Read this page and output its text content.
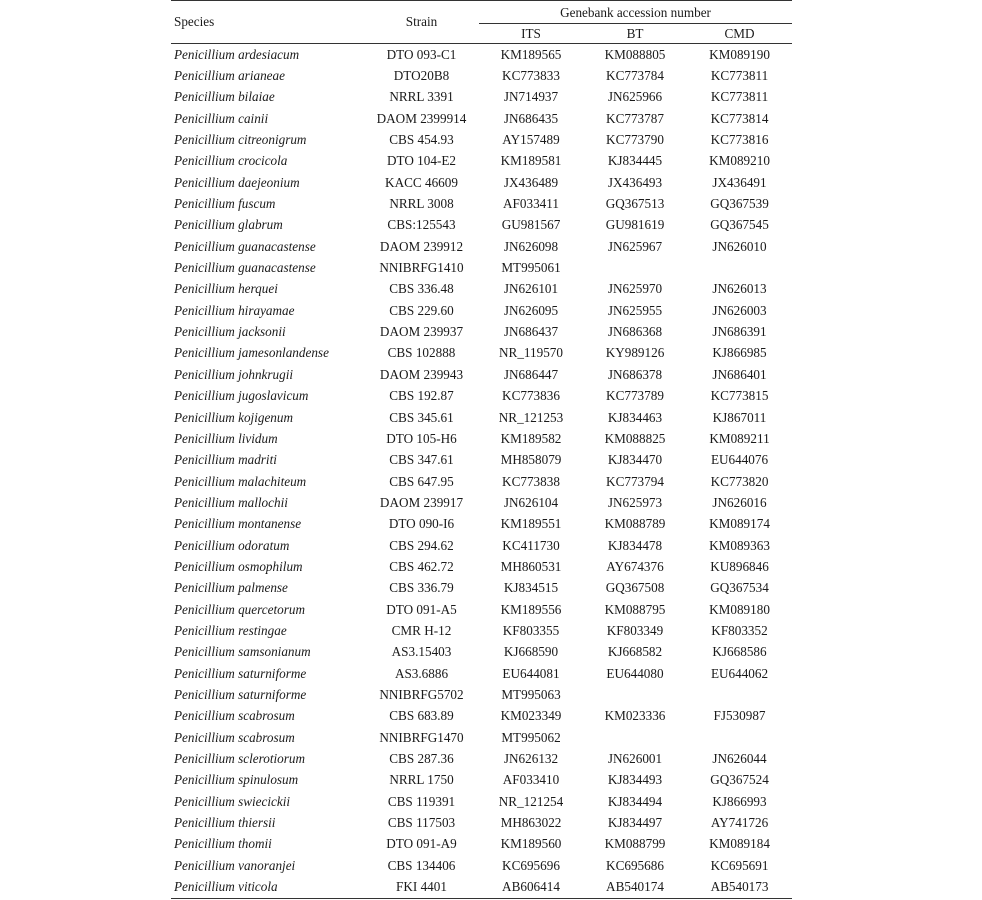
Species	Strain	Genebank accession number		
		ITS	BT	CMD
Penicillium ardesiacum	DTO 093-C1	KM189565	KM088805	KM089190
Penicillium arianeae	DTO20B8	KC773833	KC773784	KC773811
Penicillium bilaiae	NRRL 3391	JN714937	JN625966	KC773811
Penicillium cainii	DAOM 2399914	JN686435	KC773787	KC773814
Penicillium citreonigrum	CBS 454.93	AY157489	KC773790	KC773816
Penicillium crocicola	DTO 104-E2	KM189581	KJ834445	KM089210
Penicillium daejeonium	KACC 46609	JX436489	JX436493	JX436491
Penicillium fuscum	NRRL 3008	AF033411	GQ367513	GQ367539
Penicillium glabrum	CBS:125543	GU981567	GU981619	GQ367545
Penicillium guanacastense	DAOM 239912	JN626098	JN625967	JN626010
Penicillium guanacastense	NNIBRFG1410	MT995061		
Penicillium herquei	CBS 336.48	JN626101	JN625970	JN626013
Penicillium hirayamae	CBS 229.60	JN626095	JN625955	JN626003
Penicillium jacksonii	DAOM 239937	JN686437	JN686368	JN686391
Penicillium jamesonlandense	CBS 102888	NR_119570	KY989126	KJ866985
Penicillium johnkrugii	DAOM 239943	JN686447	JN686378	JN686401
Penicillium jugoslavicum	CBS 192.87	KC773836	KC773789	KC773815
Penicillium kojigenum	CBS 345.61	NR_121253	KJ834463	KJ867011
Penicillium lividum	DTO 105-H6	KM189582	KM088825	KM089211
Penicillium madriti	CBS 347.61	MH858079	KJ834470	EU644076
Penicillium malachiteum	CBS 647.95	KC773838	KC773794	KC773820
Penicillium mallochii	DAOM 239917	JN626104	JN625973	JN626016
Penicillium montanense	DTO 090-I6	KM189551	KM088789	KM089174
Penicillium odoratum	CBS 294.62	KC411730	KJ834478	KM089363
Penicillium osmophilum	CBS 462.72	MH860531	AY674376	KU896846
Penicillium palmense	CBS 336.79	KJ834515	GQ367508	GQ367534
Penicillium quercetorum	DTO 091-A5	KM189556	KM088795	KM089180
Penicillium restingae	CMR H-12	KF803355	KF803349	KF803352
Penicillium samsonianum	AS3.15403	KJ668590	KJ668582	KJ668586
Penicillium saturniforme	AS3.6886	EU644081	EU644080	EU644062
Penicillium saturniforme	NNIBRFG5702	MT995063		
Penicillium scabrosum	CBS 683.89	KM023349	KM023336	FJ530987
Penicillium scabrosum	NNIBRFG1470	MT995062		
Penicillium sclerotiorum	CBS 287.36	JN626132	JN626001	JN626044
Penicillium spinulosum	NRRL 1750	AF033410	KJ834493	GQ367524
Penicillium swiecickii	CBS 119391	NR_121254	KJ834494	KJ866993
Penicillium thiersii	CBS 117503	MH863022	KJ834497	AY741726
Penicillium thomii	DTO 091-A9	KM189560	KM088799	KM089184
Penicillium vanoranjei	CBS 134406	KC695696	KC695686	KC695691
Penicillium viticola	FKI 4401	AB606414	AB540174	AB540173
